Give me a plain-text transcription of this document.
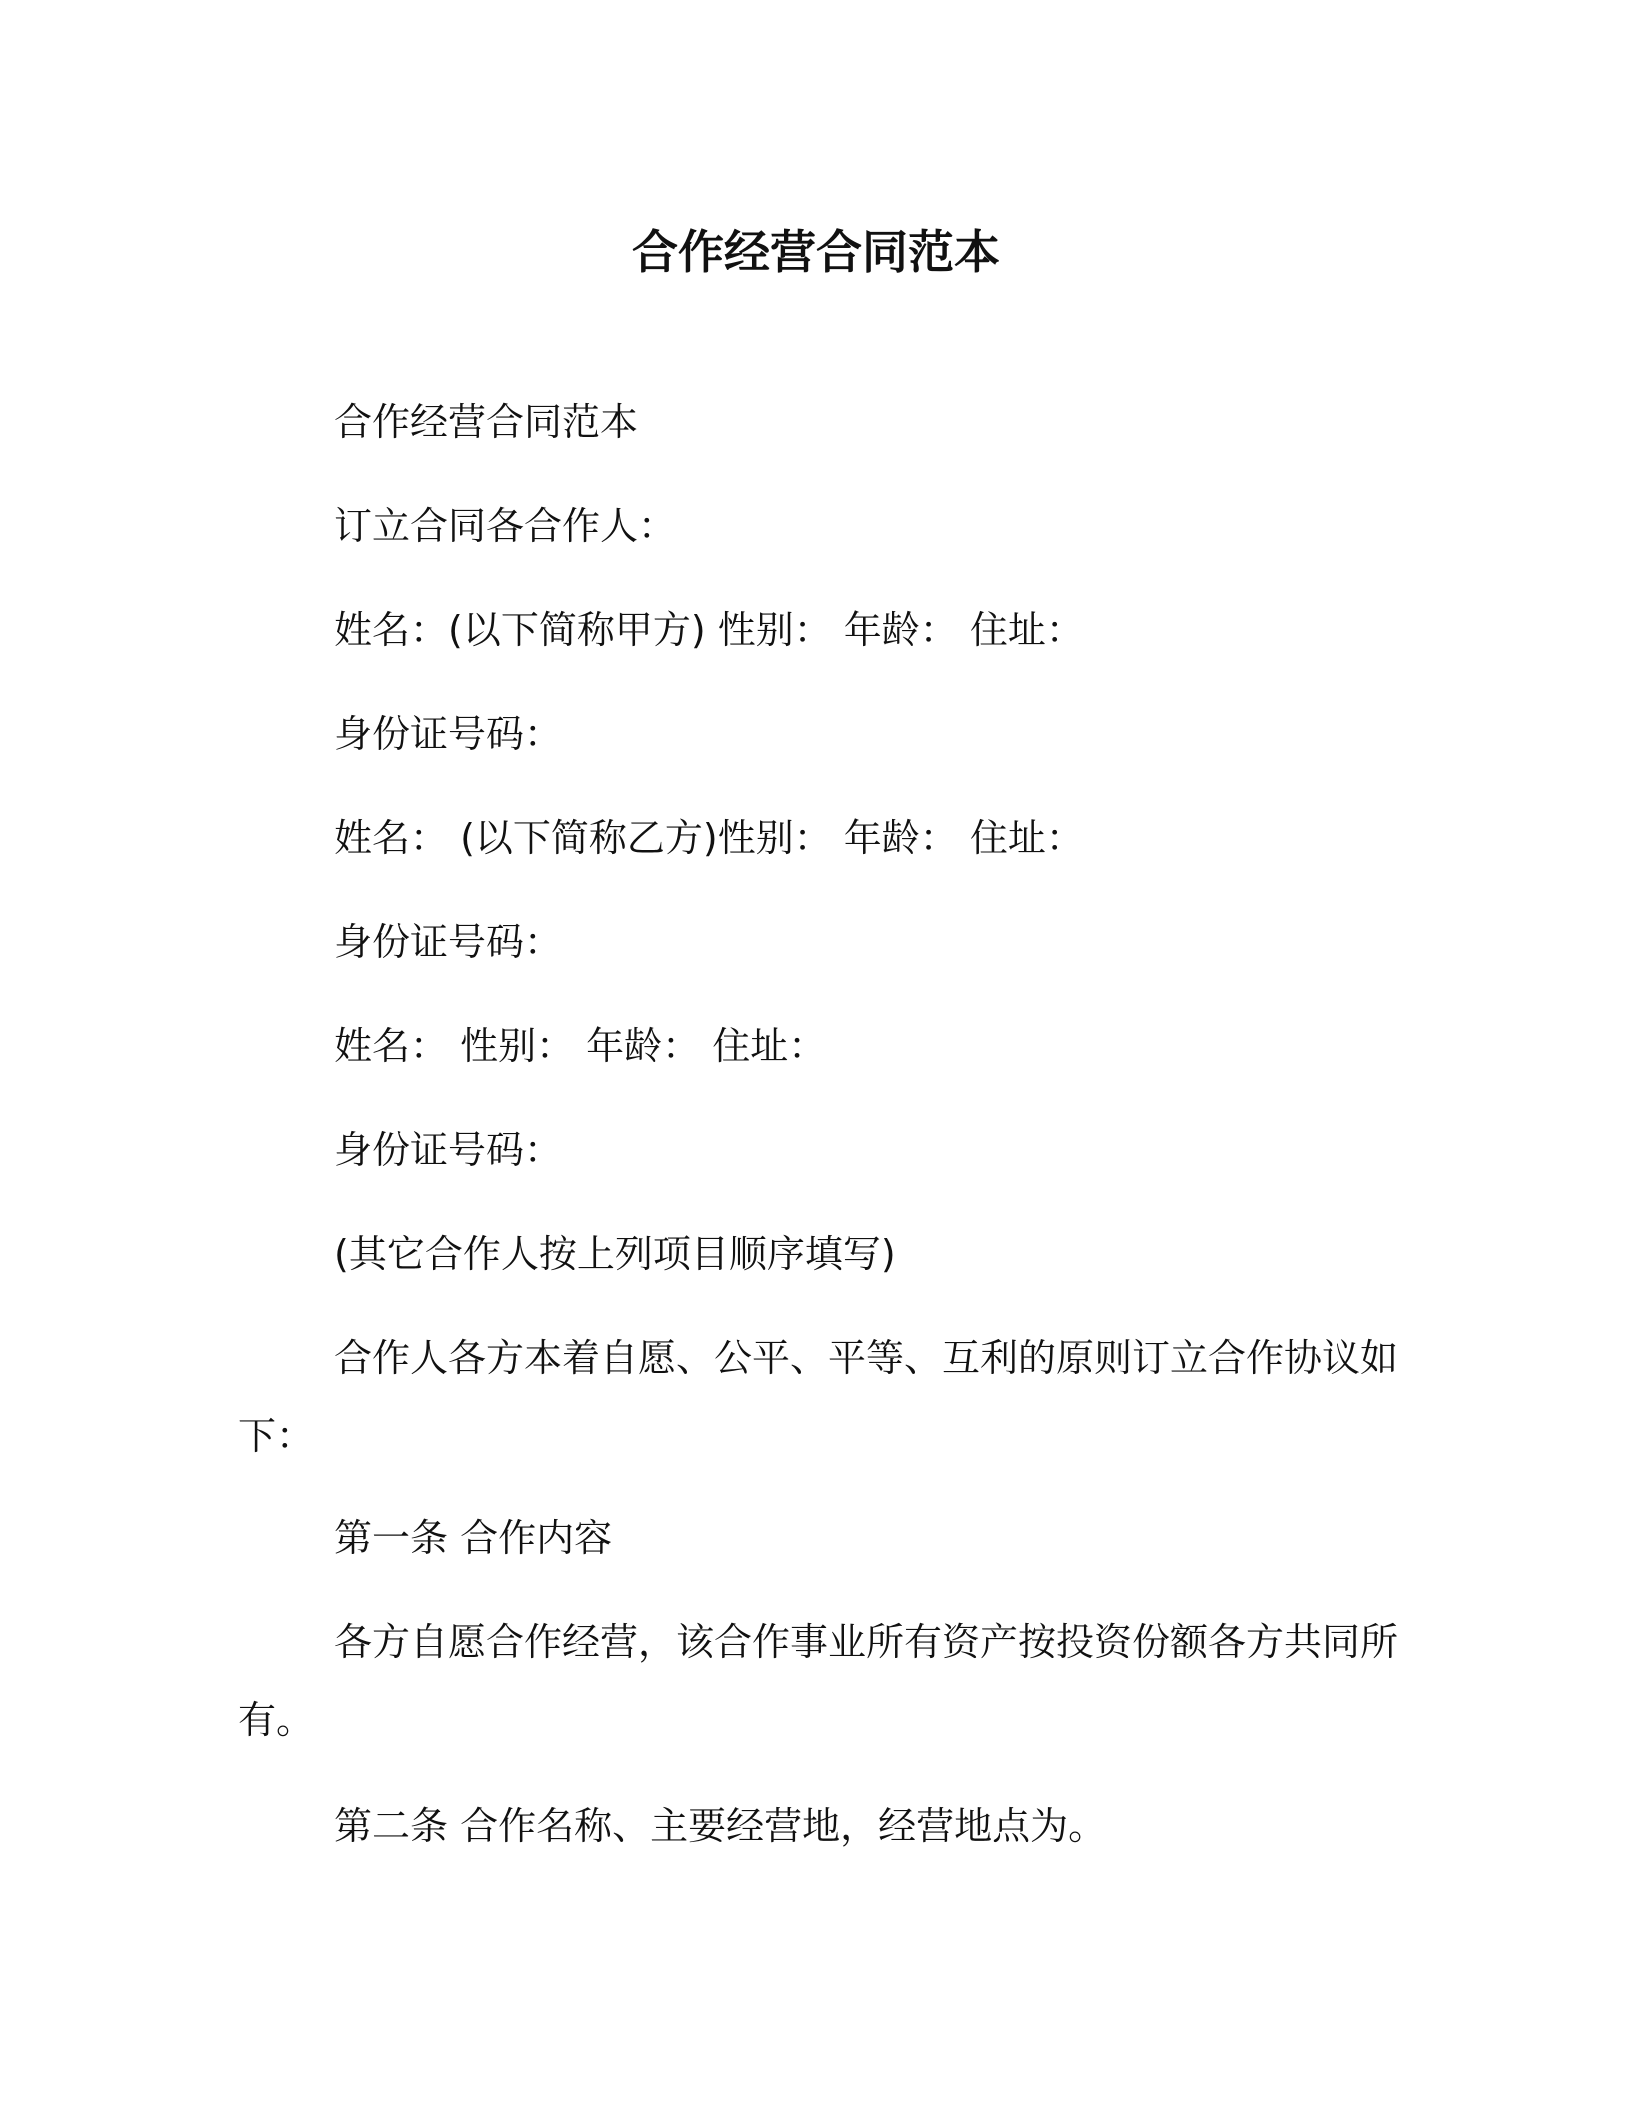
合作经营合同范本

合作经营合同范本

订立合同各合作人：

姓名：(以下简称甲方) 性别： 年龄： 住址：

身份证号码：

姓名： (以下简称乙方)性别： 年龄： 住址：

身份证号码：

姓名： 性别： 年龄： 住址：

身份证号码：

(其它合作人按上列项目顺序填写)

合作人各方本着自愿、公平、平等、互利的原则订立合作协议如
下：

第一条 合作内容

各方自愿合作经营，该合作事业所有资产按投资份额各方共同所
有。

第二条 合作名称、主要经营地，经营地点为。
